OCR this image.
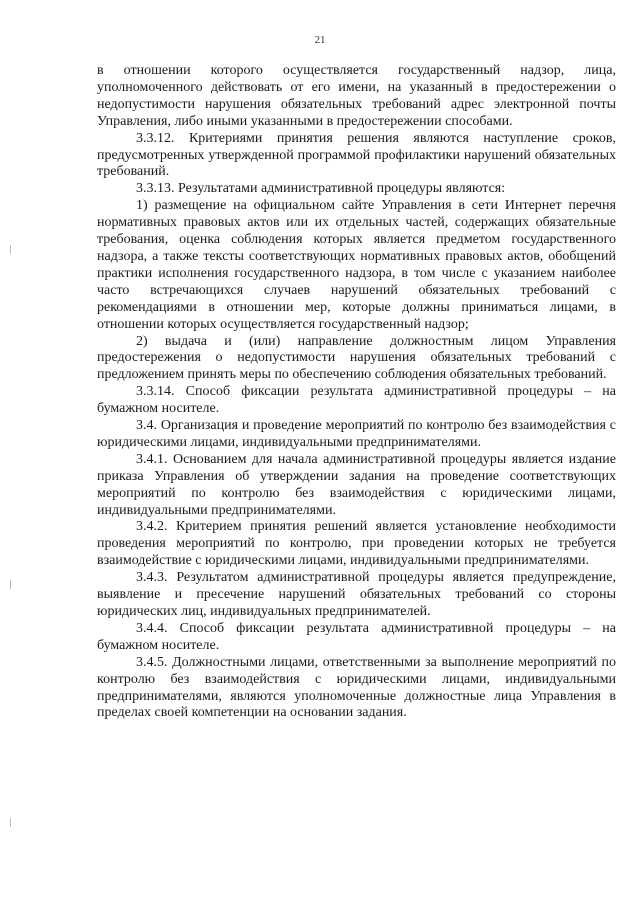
21

в отношении которого осуществляется государственный надзор, лица, уполномоченного действовать от его имени, на указанный в предостережении о недопустимости нарушения обязательных требований адрес электронной почты Управления, либо иными указанными в предостережении способами.

3.3.12. Критериями принятия решения являются наступление сроков, предусмотренных утвержденной программой профилактики нарушений обязательных требований.

3.3.13. Результатами административной процедуры являются:

1) размещение на официальном сайте Управления в сети Интернет перечня нормативных правовых актов или их отдельных частей, содержащих обязательные требования, оценка соблюдения которых является предметом государственного надзора, а также тексты соответствующих нормативных правовых актов, обобщений практики исполнения государственного надзора, в том числе с указанием наиболее часто встречающихся случаев нарушений обязательных требований с рекомендациями в отношении мер, которые должны приниматься лицами, в отношении которых осуществляется государственный надзор;

2) выдача и (или) направление должностным лицом Управления предостережения о недопустимости нарушения обязательных требований с предложением принять меры по обеспечению соблюдения обязательных требований.

3.3.14. Способ фиксации результата административной процедуры – на бумажном носителе.

3.4. Организация и проведение мероприятий по контролю без взаимодействия с юридическими лицами, индивидуальными предпринимателями.

3.4.1. Основанием для начала административной процедуры является издание приказа Управления об утверждении задания на проведение соответствующих мероприятий по контролю без взаимодействия с юридическими лицами, индивидуальными предпринимателями.

3.4.2. Критерием принятия решений является установление необходимости проведения мероприятий по контролю, при проведении которых не требуется взаимодействие с юридическими лицами, индивидуальными предпринимателями.

3.4.3. Результатом административной процедуры является предупреждение, выявление и пресечение нарушений обязательных требований со стороны юридических лиц, индивидуальных предпринимателей.

3.4.4. Способ фиксации результата административной процедуры – на бумажном носителе.

3.4.5. Должностными лицами, ответственными за выполнение мероприятий по контролю без взаимодействия с юридическими лицами, индивидуальными предпринимателями, являются уполномоченные должностные лица Управления в пределах своей компетенции на основании задания.
